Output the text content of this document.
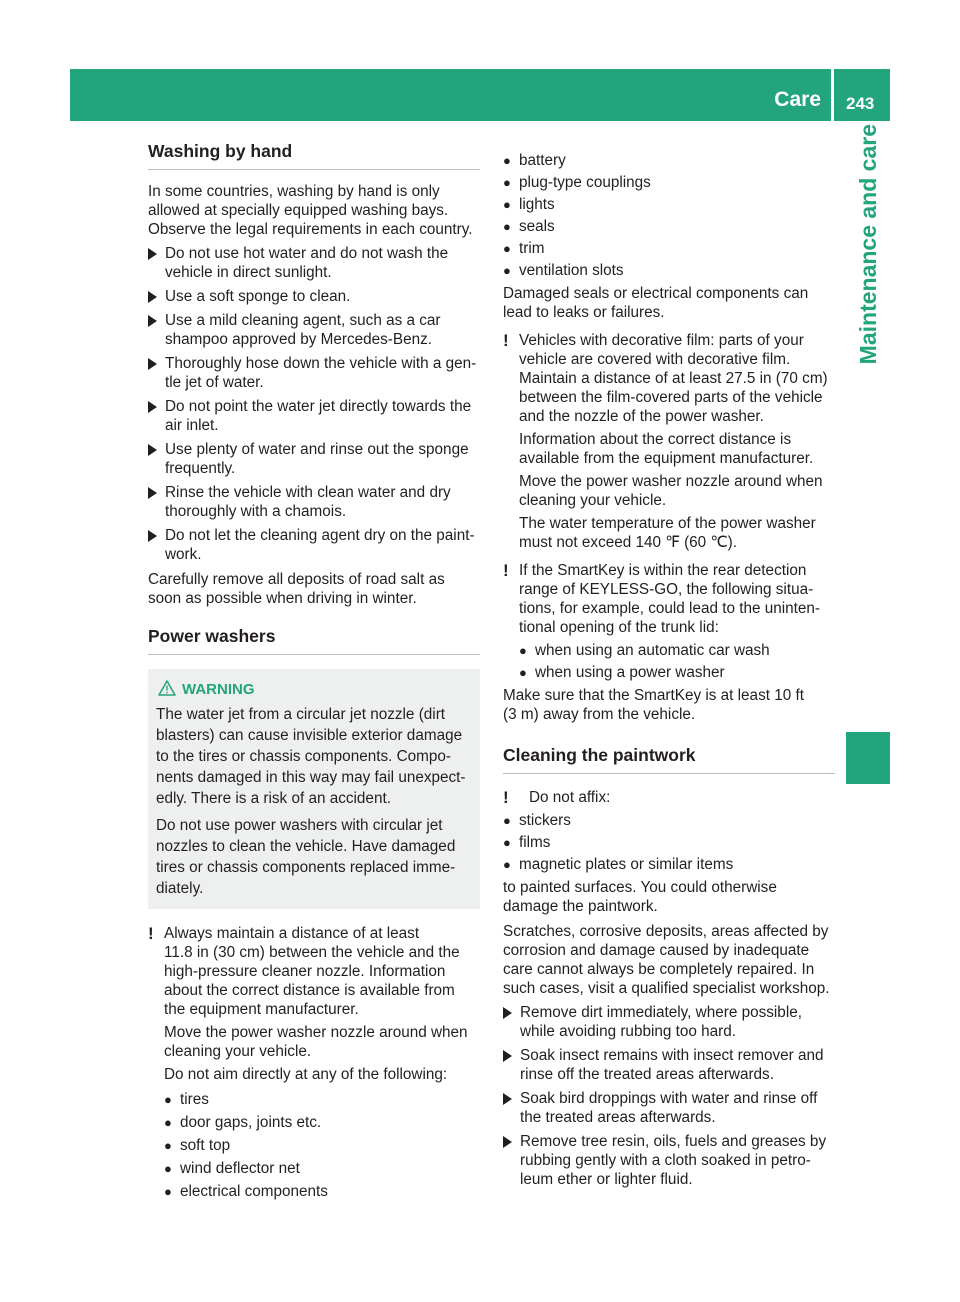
Care 243
Maintenance and care
Washing by hand

In some countries, washing by hand is only
allowed at specially equipped washing bays.
Observe the legal requirements in each country.

Do not use hot water and do not wash the
vehicle in direct sunlight.
Use a soft sponge to clean.
Use a mild cleaning agent, such as a car
shampoo approved by Mercedes-Benz.
Thoroughly hose down the vehicle with a gen-
tle jet of water.
Do not point the water jet directly towards the
air inlet.
Use plenty of water and rinse out the sponge
frequently.
Rinse the vehicle with clean water and dry
thoroughly with a chamois.
Do not let the cleaning agent dry on the paint-
work.

Carefully remove all deposits of road salt as
soon as possible when driving in winter.

Power washers
WARNING

The water jet from a circular jet nozzle (dirt
blasters) can cause invisible exterior damage
to the tires or chassis components. Compo-
nents damaged in this way may fail unexpect-
edly. There is a risk of an accident.

Do not use power washers with circular jet
nozzles to clean the vehicle. Have damaged
tires or chassis components replaced imme-
diately.

! Always maintain a distance of at least
11.8 in (30 cm) between the vehicle and the
high-pressure cleaner nozzle. Information
about the correct distance is available from
the equipment manufacturer.

Move the power washer nozzle around when
cleaning your vehicle.

Do not aim directly at any of the following:

● tires
● door gaps, joints etc.
● soft top
● wind deflector net
● electrical components
● battery
● plug-type couplings
● lights
● seals
● trim
● ventilation slots

Damaged seals or electrical components can
lead to leaks or failures.

! Vehicles with decorative film: parts of your
vehicle are covered with decorative film.
Maintain a distance of at least 27.5 in (70 cm)
between the film-covered parts of the vehicle
and the nozzle of the power washer.

Information about the correct distance is
available from the equipment manufacturer.

Move the power washer nozzle around when
cleaning your vehicle.

The water temperature of the power washer
must not exceed 140 ℉ (60 ℃).

! If the SmartKey is within the rear detection
range of KEYLESS-GO, the following situa-
tions, for example, could lead to the uninten-
tional opening of the trunk lid:

● when using an automatic car wash
● when using a power washer

Make sure that the SmartKey is at least 10 ft
(3 m) away from the vehicle.

Cleaning the paintwork
!	Do not affix:

● stickers
● films
● magnetic plates or similar items

to painted surfaces. You could otherwise
damage the paintwork.

Scratches, corrosive deposits, areas affected by
corrosion and damage caused by inadequate
care cannot always be completely repaired. In
such cases, visit a qualified specialist workshop.

Remove dirt immediately, where possible,
while avoiding rubbing too hard.
Soak insect remains with insect remover and
rinse off the treated areas afterwards.
Soak bird droppings with water and rinse off
the treated areas afterwards.
Remove tree resin, oils, fuels and greases by
rubbing gently with a cloth soaked in petro-
leum ether or lighter fluid.
